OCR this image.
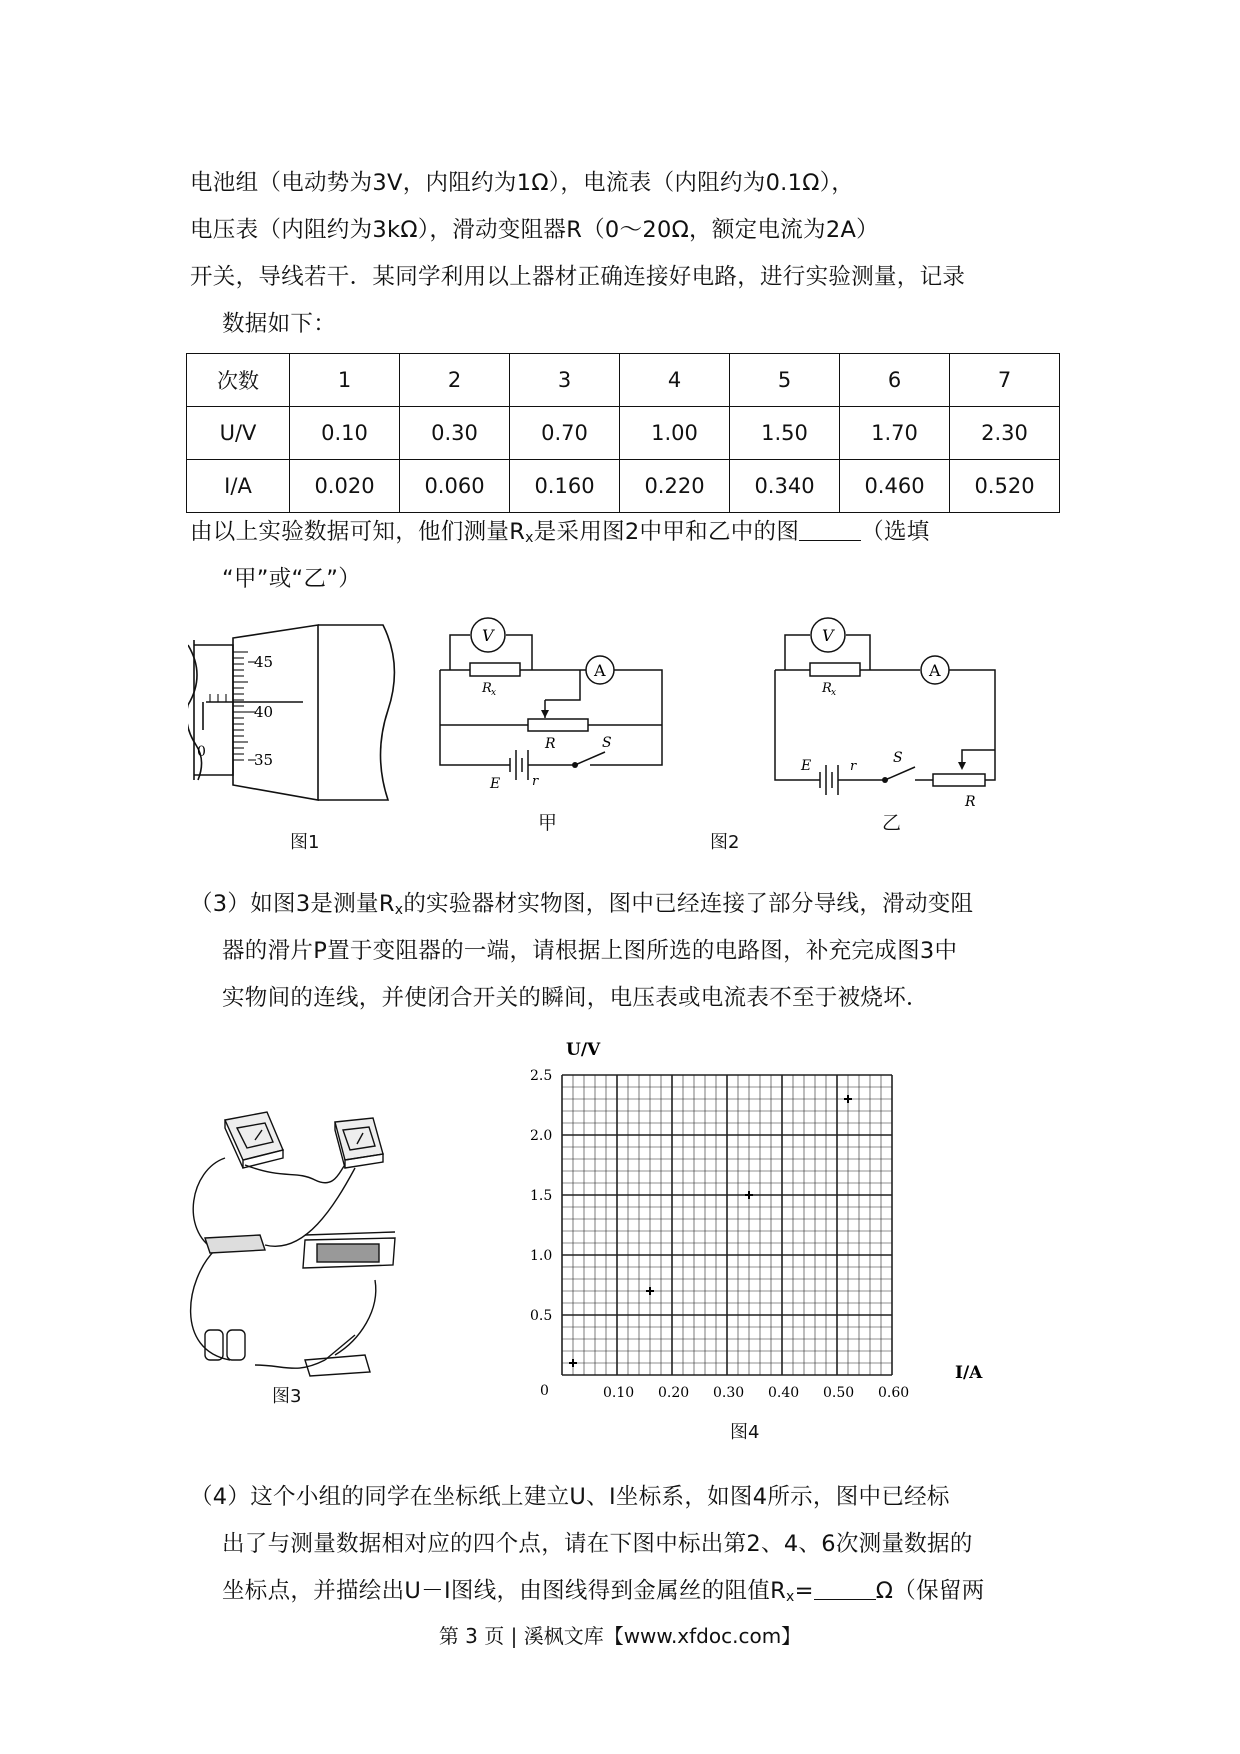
电池组（电动势为3V，内阻约为1Ω），电流表（内阻约为0.1Ω），
电压表（内阻约为3kΩ），滑动变阻器R（0～20Ω，额定电流为2A）
开关，导线若干．某同学利用以上器材正确连接好电路，进行实验测量，记录
数据如下：
次数	1	2	3	4	5	6	7
U/V	0.10	0.30	0.70	1.00	1.50	1.70	2.30
I/A	0.020	0.060	0.160	0.220	0.340	0.460	0.520
由以上实验数据可知，他们测量$R_x$是采用图2中甲和乙中的图	（选填
“甲”或“乙”）
45
40
35
0
图1
V
A
R x
R	S
E r
甲
V
A
R x
E	r
S
R
乙
图2
（3）如图3是测量$R_x$的实验器材实物图，图中已经连接了部分导线，滑动变阻
器的滑片P置于变阻器的一端，请根据上图所选的电路图，补充完成图3中
实物间的连线，并使闭合开关的瞬间，电压表或电流表不至于被烧坏．
图3	0.10 0.20 0.30 0.40 0.50 0.60
0.5
1.0
1.5
2.0
2.5
U/V
I/A
0
图4
（4）这个小组的同学在坐标纸上建立U、I坐标系，如图4所示，图中已经标
出了与测量数据相对应的四个点，请在下图中标出第2、4、6次测量数据的
坐标点，并描绘出U－I图线，由图线得到金属丝的阻值$R_x=$	Ω（保留两
第 3 页 | 溪枫文库【www.xfdoc.com】
